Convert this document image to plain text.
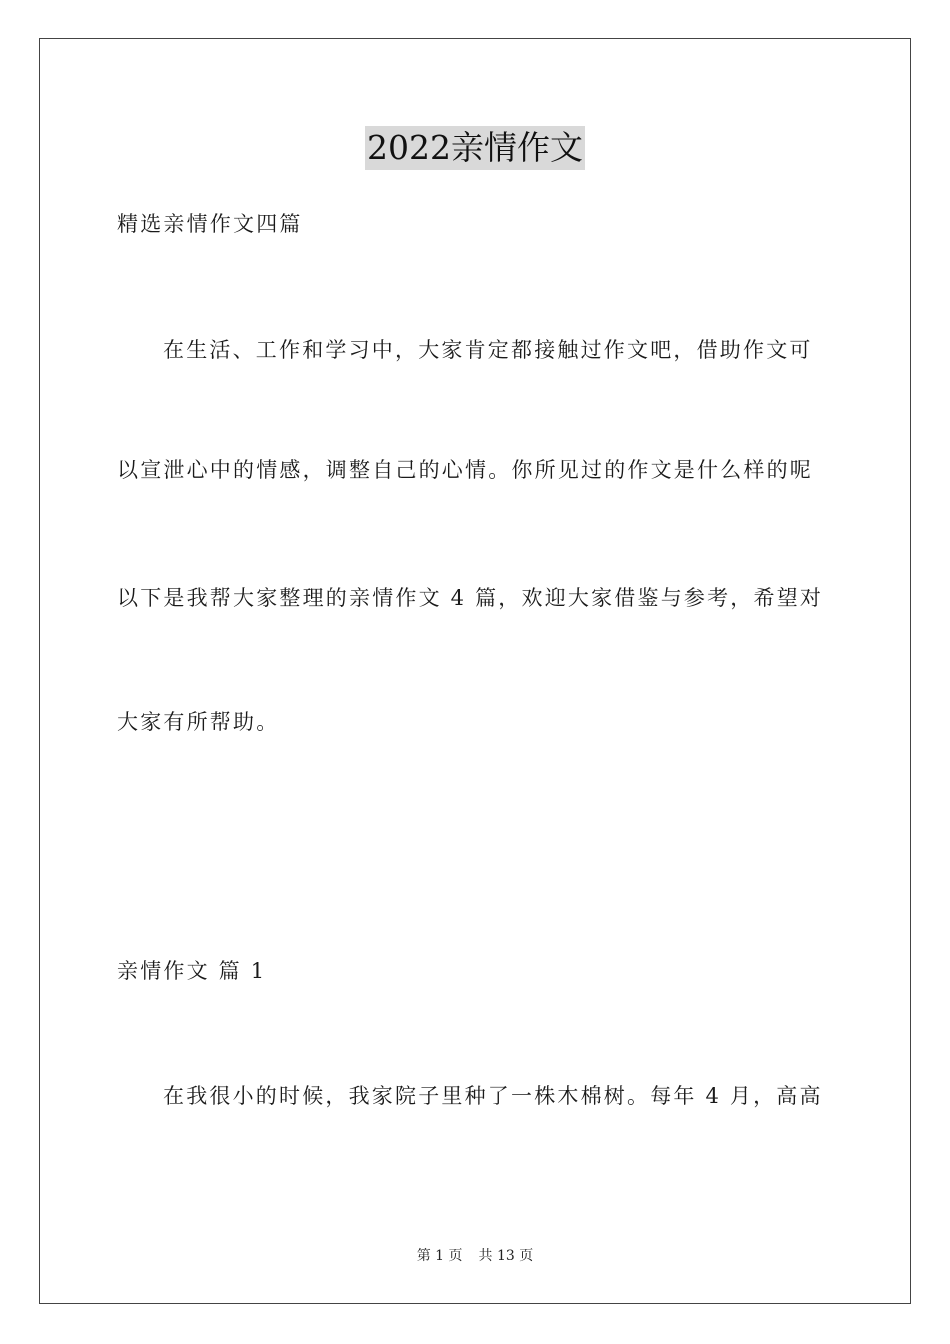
2022亲情作文
精选亲情作文四篇
在生活、工作和学习中，大家肯定都接触过作文吧，借助作文可
以宣泄心中的情感，调整自己的心情。你所见过的作文是什么样的呢
以下是我帮大家整理的亲情作文 4 篇，欢迎大家借鉴与参考，希望对
大家有所帮助。
亲情作文 篇 1
在我很小的时候，我家院子里种了一株木棉树。每年 4 月，高高
第 1 页 共 13 页
